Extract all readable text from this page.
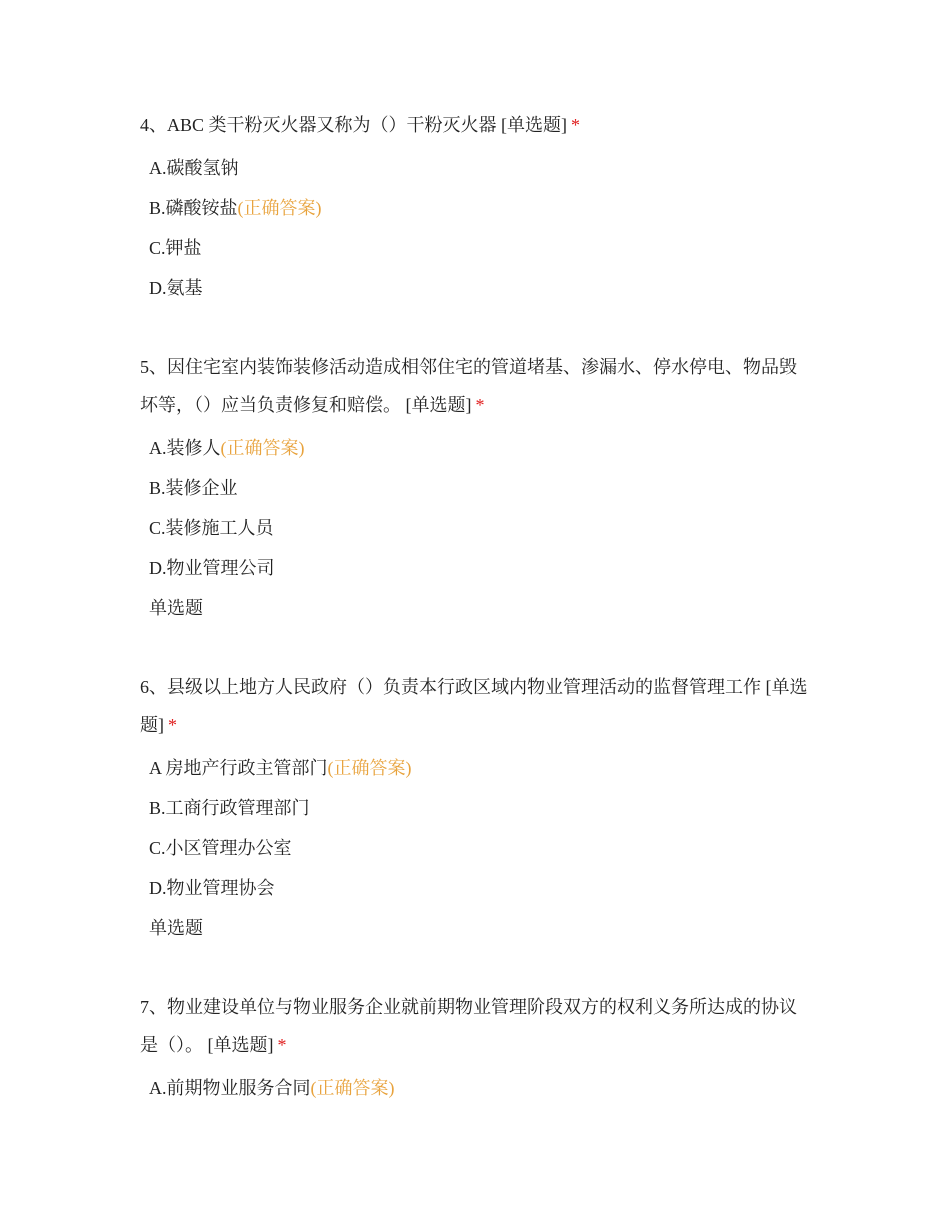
4、ABC 类干粉灭火器又称为（）干粉灭火器 [单选题] *

A.碳酸氢钠
B.磷酸铵盐(正确答案)
C.钾盐
D.氨基

5、因住宅室内装饰装修活动造成相邻住宅的管道堵基、渗漏水、停水停电、物品毁坏等，（）应当负责修复和赔偿。 [单选题] *

A.装修人(正确答案)
B.装修企业
C.装修施工人员
D.物业管理公司
单选题

6、县级以上地方人民政府（）负责本行政区域内物业管理活动的监督管理工作 [单选题] *

A 房地产行政主管部门(正确答案)
B.工商行政管理部门
C.小区管理办公室
D.物业管理协会
单选题

7、物业建设单位与物业服务企业就前期物业管理阶段双方的权利义务所达成的协议是（）。 [单选题] *

A.前期物业服务合同(正确答案)
